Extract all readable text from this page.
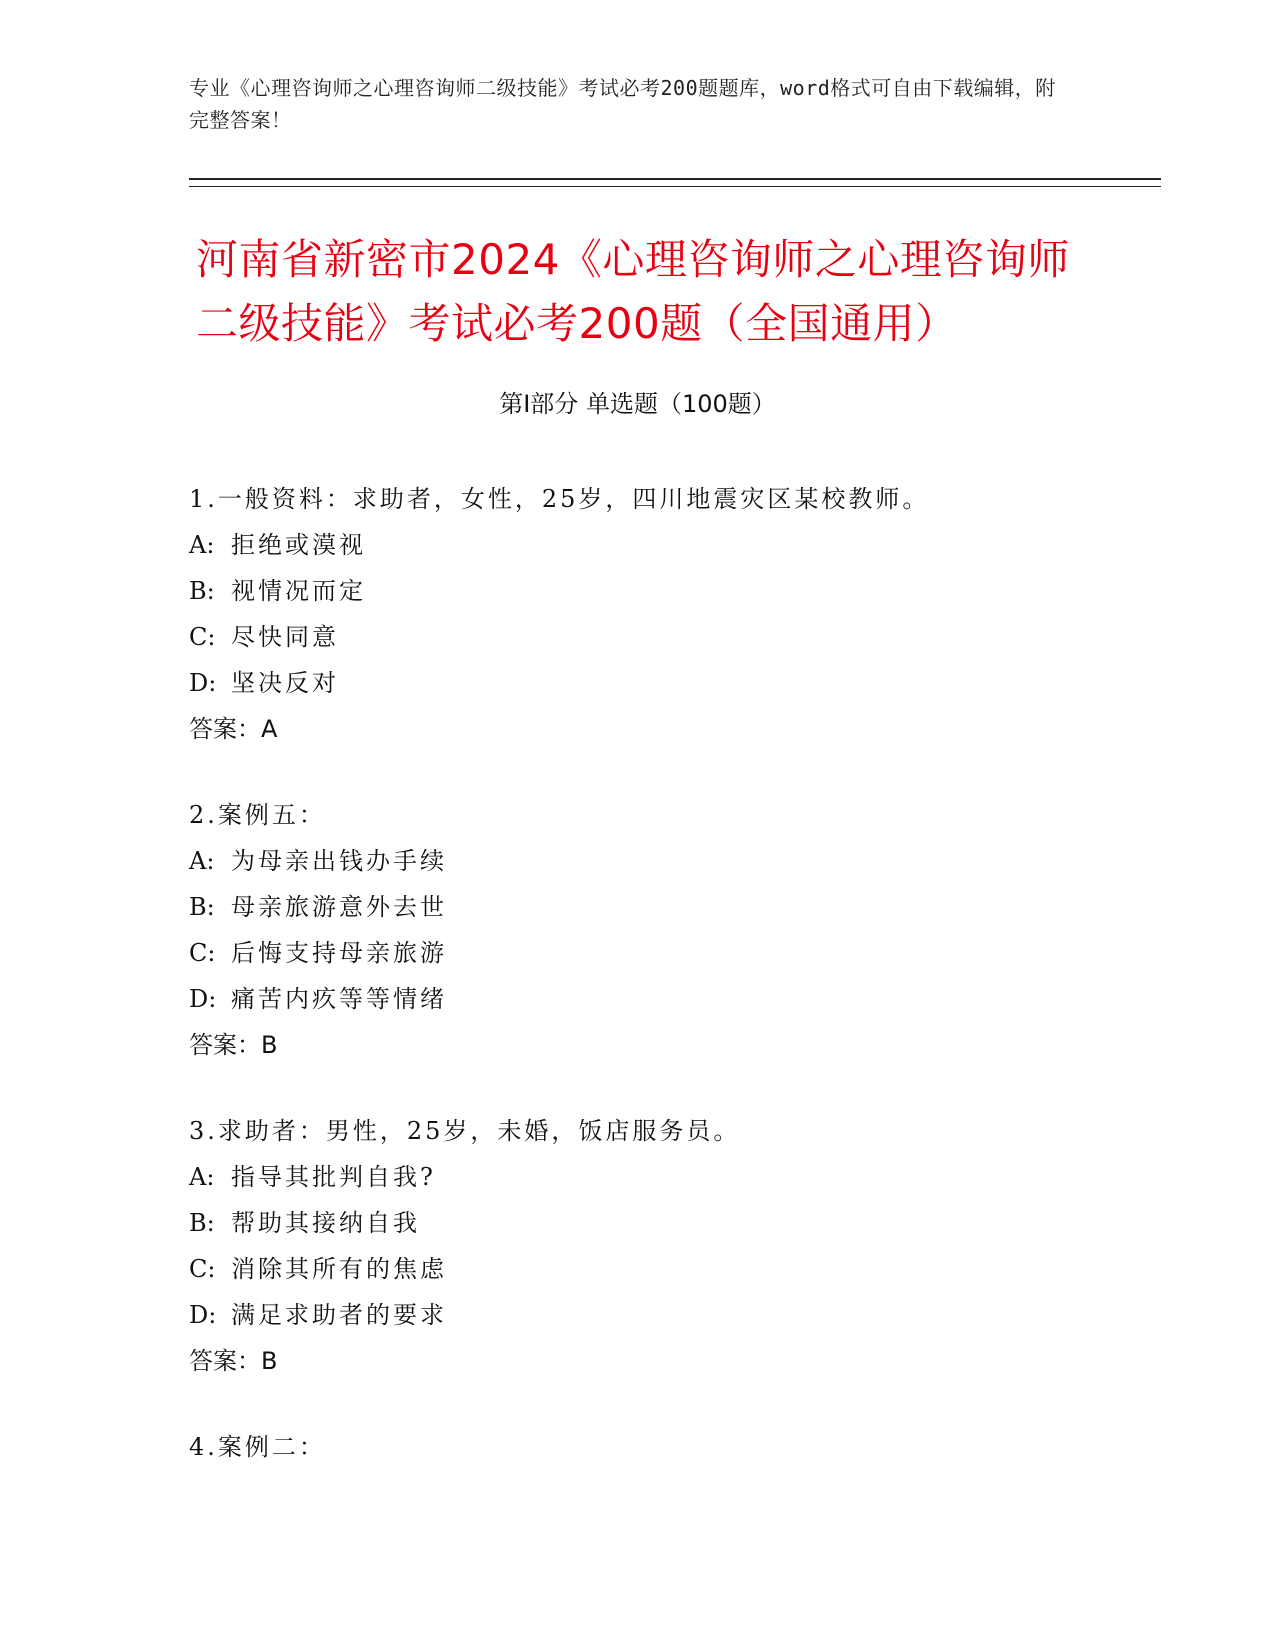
专业《心理咨询师之心理咨询师二级技能》考试必考200题题库，word格式可自由下载编辑，附完整答案！
河南省新密市2024《心理咨询师之心理咨询师二级技能》考试必考200题（全国通用）
第Ⅰ部分 单选题（100题）
1.一般资料：求助者，女性，25岁，四川地震灾区某校教师。
A: 拒绝或漠视
B: 视情况而定
C: 尽快同意
D: 坚决反对
答案：A
2.案例五：
A: 为母亲出钱办手续
B: 母亲旅游意外去世
C: 后悔支持母亲旅游
D: 痛苦内疚等等情绪
答案：B
3.求助者：男性，25岁，未婚，饭店服务员。
A: 指导其批判自我?
B: 帮助其接纳自我
C: 消除其所有的焦虑
D: 满足求助者的要求
答案：B
4.案例二：
